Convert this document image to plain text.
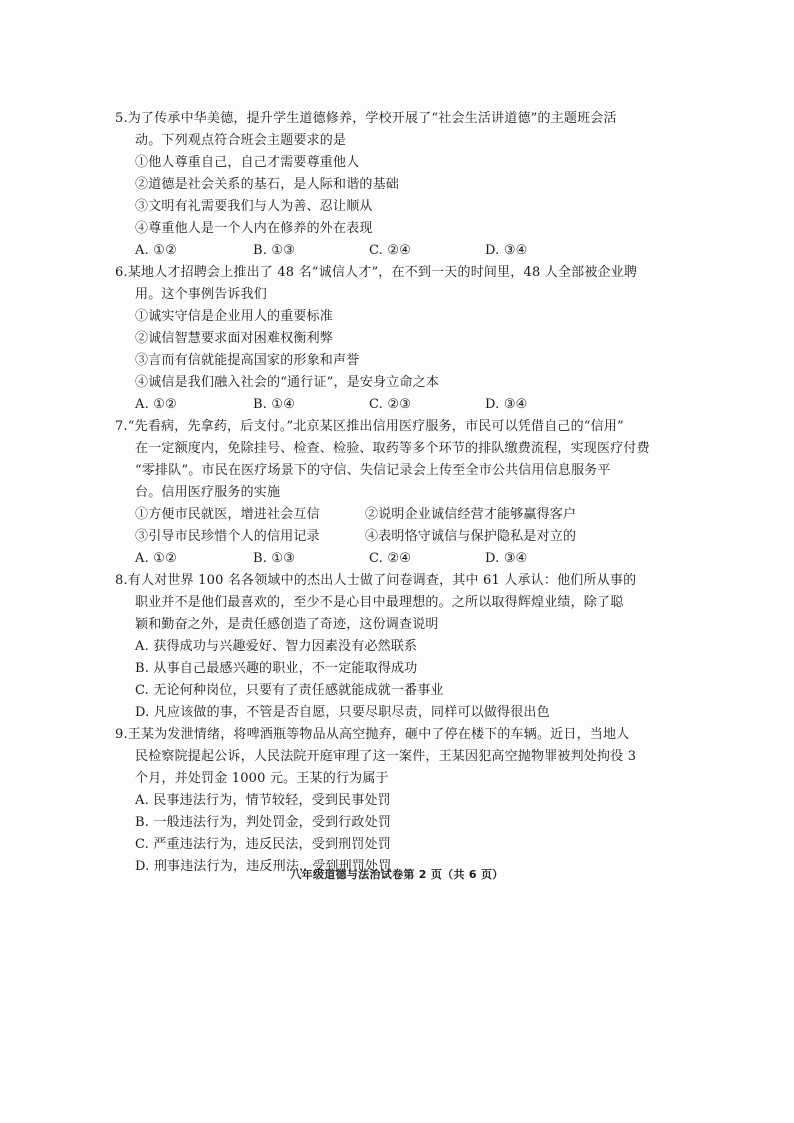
5.为了传承中华美德，提升学生道德修养，学校开展了“社会生活讲道德”的主题班会活
动。下列观点符合班会主题要求的是
①他人尊重自己，自己才需要尊重他人
②道德是社会关系的基石，是人际和谐的基础
③文明有礼需要我们与人为善、忍让顺从
④尊重他人是一个人内在修养的外在表现
A. ①②	B. ①③	C. ②④	D. ③④
6.某地人才招聘会上推出了 48 名“诚信人才”，在不到一天的时间里，48 人全部被企业聘
用。这个事例告诉我们
①诚实守信是企业用人的重要标准
②诚信智慧要求面对困难权衡利弊
③言而有信就能提高国家的形象和声誉
④诚信是我们融入社会的“通行证”，是安身立命之本
A. ①②	B. ①④	C. ②③	D. ③④
7.“先看病，先拿药，后支付。”北京某区推出信用医疗服务，市民可以凭借自己的“信用”
在一定额度内，免除挂号、检查、检验、取药等多个环节的排队缴费流程，实现医疗付费
“零排队”。市民在医疗场景下的守信、失信记录会上传至全市公共信用信息服务平
台。信用医疗服务的实施
①方便市民就医，增进社会互信	②说明企业诚信经营才能够赢得客户
③引导市民珍惜个人的信用记录	④表明恪守诚信与保护隐私是对立的
A. ①②	B. ①③	C. ②④	D. ③④
8.有人对世界 100 名各领域中的杰出人士做了问卷调查，其中 61 人承认：他们所从事的
职业并不是他们最喜欢的，至少不是心目中最理想的。之所以取得辉煌业绩，除了聪
颖和勤奋之外，是责任感创造了奇迹，这份调查说明
A. 获得成功与兴趣爱好、智力因素没有必然联系
B. 从事自己最感兴趣的职业，不一定能取得成功
C. 无论何种岗位，只要有了责任感就能成就一番事业
D. 凡应该做的事，不管是否自愿，只要尽职尽责，同样可以做得很出色
9.王某为发泄情绪，将啤酒瓶等物品从高空抛弃，砸中了停在楼下的车辆。近日，当地人
民检察院提起公诉，人民法院开庭审理了这一案件，王某因犯高空抛物罪被判处拘役 3
个月，并处罚金 1000 元。王某的行为属于
A. 民事违法行为，情节较轻，受到民事处罚
B. 一般违法行为，判处罚金，受到行政处罚
C. 严重违法行为，违反民法，受到刑罚处罚
D. 刑事违法行为，违反刑法，受到刑罚处罚
八年级道德与法治试卷第 2 页（共 6 页）
